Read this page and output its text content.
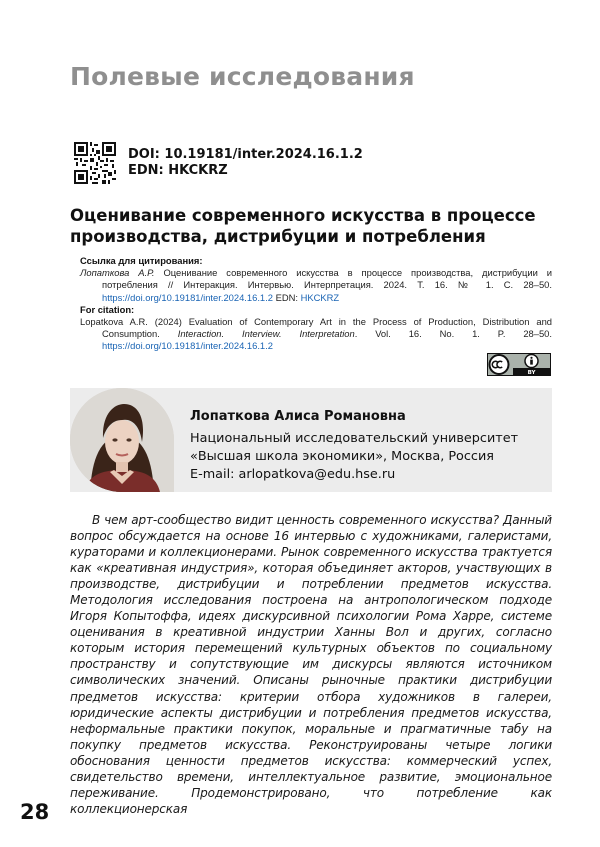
Полевые исследования
DOI: 10.19181/inter.2024.16.1.2
EDN: HKCKRZ
Оценивание современного искусства в процессе производства, дистрибуции и потребления
Ссылка для цитирования:
Лопаткова А.Р. Оценивание современного искусства в процессе производства, дистрибуции и потребления // Интеракция. Интервью. Интерпретация. 2024. Т. 16. № 1. С. 28–50. https://doi.org/10.19181/inter.2024.16.1.2 EDN: HKCKRZ
For citation:
Lopatkova A.R. (2024) Evaluation of Contemporary Art in the Process of Production, Distribution and Consumption. Interaction. Interview. Interpretation. Vol. 16. No. 1. P. 28–50. https://doi.org/10.19181/inter.2024.16.1.2
BY
Лопаткова Алиса Романовна
Национальный исследовательский университет
«Высшая школа экономики», Москва, Россия
E-mail: arlopatkova@edu.hse.ru
В чем арт-сообщество видит ценность современного искусства? Данный вопрос обсуждается на основе 16 интервью с художниками, галеристами, кураторами и коллекционерами. Рынок современного искусства трактуется как «креативная индустрия», которая объединяет акторов, участвующих в производстве, дистрибуции и потреблении предметов искусства. Методология исследования построена на антропологическом подходе Игоря Копытоффа, идеях дискурсивной психологии Рома Харре, системе оценивания в креативной индустрии Ханны Вол и других, согласно которым история перемещений культурных объектов по социальному пространству и сопутствующие им дискурсы являются источником символических значений. Описаны рыночные практики дистрибуции предметов искусства: критерии отбора художников в галереи, юридические аспекты дистрибуции и потребления предметов искусства, неформальные практики покупок, моральные и прагматичные табу на покупку предметов искусства. Реконструированы четыре логики обоснования ценности предметов искусства: коммерческий успех, свидетельство времени, интеллектуальное развитие, эмоциональное переживание. Продемонстрировано, что потребление как коллекционерская
28
